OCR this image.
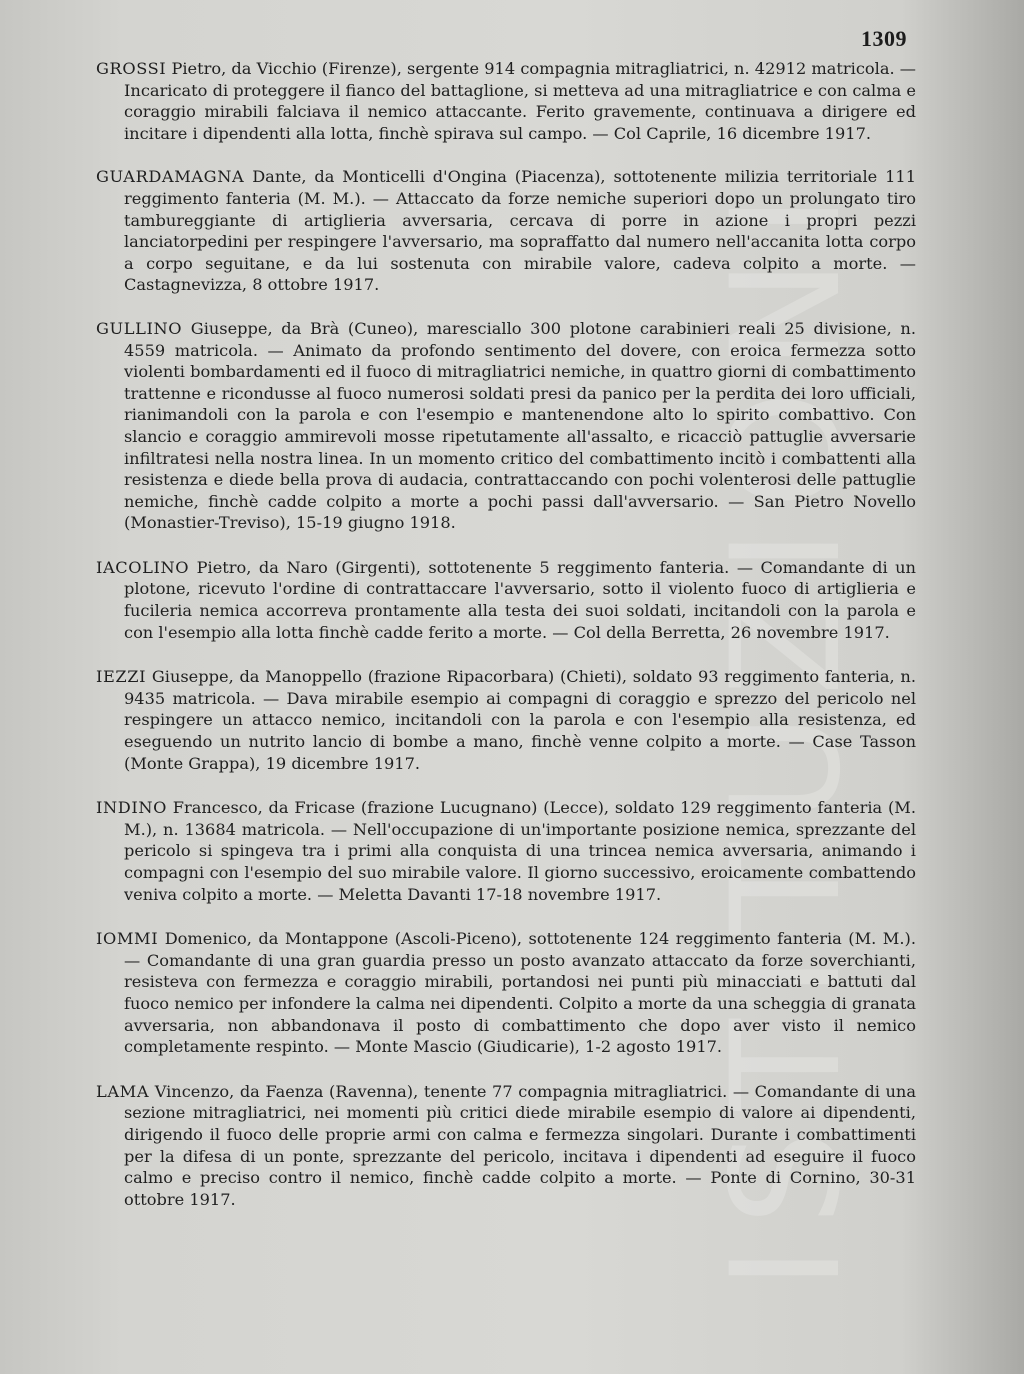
ISTITUZIONI
1309

GROSSI Pietro, da Vicchio (Firenze), sergente 914 compagnia mitragliatrici, n. 42912 matricola. — Incaricato di proteggere il fianco del battaglione, si metteva ad una mitragliatrice e con calma e coraggio mirabili falciava il nemico attaccante. Ferito gravemente, continuava a dirigere ed incitare i dipendenti alla lotta, finchè spirava sul campo. — Col Caprile, 16 dicembre 1917.

GUARDAMAGNA Dante, da Monticelli d'Ongina (Piacenza), sottotenente milizia territoriale 111 reggimento fanteria (M. M.). — Attaccato da forze nemiche superiori dopo un prolungato tiro tambureggiante di artiglieria avversaria, cercava di porre in azione i propri pezzi lanciatorpedini per respingere l'avversario, ma sopraffatto dal numero nell'accanita lotta corpo a corpo seguitane, e da lui sostenuta con mirabile valore, cadeva colpito a morte. — Castagnevizza, 8 ottobre 1917.

GULLINO Giuseppe, da Brà (Cuneo), maresciallo 300 plotone carabinieri reali 25 divisione, n. 4559 matricola. — Animato da profondo sentimento del dovere, con eroica fermezza sotto violenti bombardamenti ed il fuoco di mitragliatrici nemiche, in quattro giorni di combattimento trattenne e ricondusse al fuoco numerosi soldati presi da panico per la perdita dei loro ufficiali, rianimandoli con la parola e con l'esempio e mantenendone alto lo spirito combattivo. Con slancio e coraggio ammirevoli mosse ripetutamente all'assalto, e ricacciò pattuglie avversarie infiltratesi nella nostra linea. In un momento critico del combattimento incitò i combattenti alla resistenza e diede bella prova di audacia, contrattaccando con pochi volenterosi delle pattuglie nemiche, finchè cadde colpito a morte a pochi passi dall'avversario. — San Pietro Novello (Monastier-Treviso), 15-19 giugno 1918.

IACOLINO Pietro, da Naro (Girgenti), sottotenente 5 reggimento fanteria. — Comandante di un plotone, ricevuto l'ordine di contrattaccare l'avversario, sotto il violento fuoco di artiglieria e fucileria nemica accorreva prontamente alla testa dei suoi soldati, incitandoli con la parola e con l'esempio alla lotta finchè cadde ferito a morte. — Col della Berretta, 26 novembre 1917.

IEZZI Giuseppe, da Manoppello (frazione Ripacorbara) (Chieti), soldato 93 reggimento fanteria, n. 9435 matricola. — Dava mirabile esempio ai compagni di coraggio e sprezzo del pericolo nel respingere un attacco nemico, incitandoli con la parola e con l'esempio alla resistenza, ed eseguendo un nutrito lancio di bombe a mano, finchè venne colpito a morte. — Case Tasson (Monte Grappa), 19 dicembre 1917.

INDINO Francesco, da Fricase (frazione Lucugnano) (Lecce), soldato 129 reggimento fanteria (M. M.), n. 13684 matricola. — Nell'occupazione di un'importante posizione nemica, sprezzante del pericolo si spingeva tra i primi alla conquista di una trincea nemica avversaria, animando i compagni con l'esempio del suo mirabile valore. Il giorno successivo, eroicamente combattendo veniva colpito a morte. — Meletta Davanti 17-18 novembre 1917.

IOMMI Domenico, da Montappone (Ascoli-Piceno), sottotenente 124 reggimento fanteria (M. M.). — Comandante di una gran guardia presso un posto avanzato attaccato da forze soverchianti, resisteva con fermezza e coraggio mirabili, portandosi nei punti più minacciati e battuti dal fuoco nemico per infondere la calma nei dipendenti. Colpito a morte da una scheggia di granata avversaria, non abbandonava il posto di combattimento che dopo aver visto il nemico completamente respinto. — Monte Mascio (Giudicarie), 1-2 agosto 1917.

LAMA Vincenzo, da Faenza (Ravenna), tenente 77 compagnia mitragliatrici. — Comandante di una sezione mitragliatrici, nei momenti più critici diede mirabile esempio di valore ai dipendenti, dirigendo il fuoco delle proprie armi con calma e fermezza singolari. Durante i combattimenti per la difesa di un ponte, sprezzante del pericolo, incitava i dipendenti ad eseguire il fuoco calmo e preciso contro il nemico, finchè cadde colpito a morte. — Ponte di Cornino, 30-31 ottobre 1917.
